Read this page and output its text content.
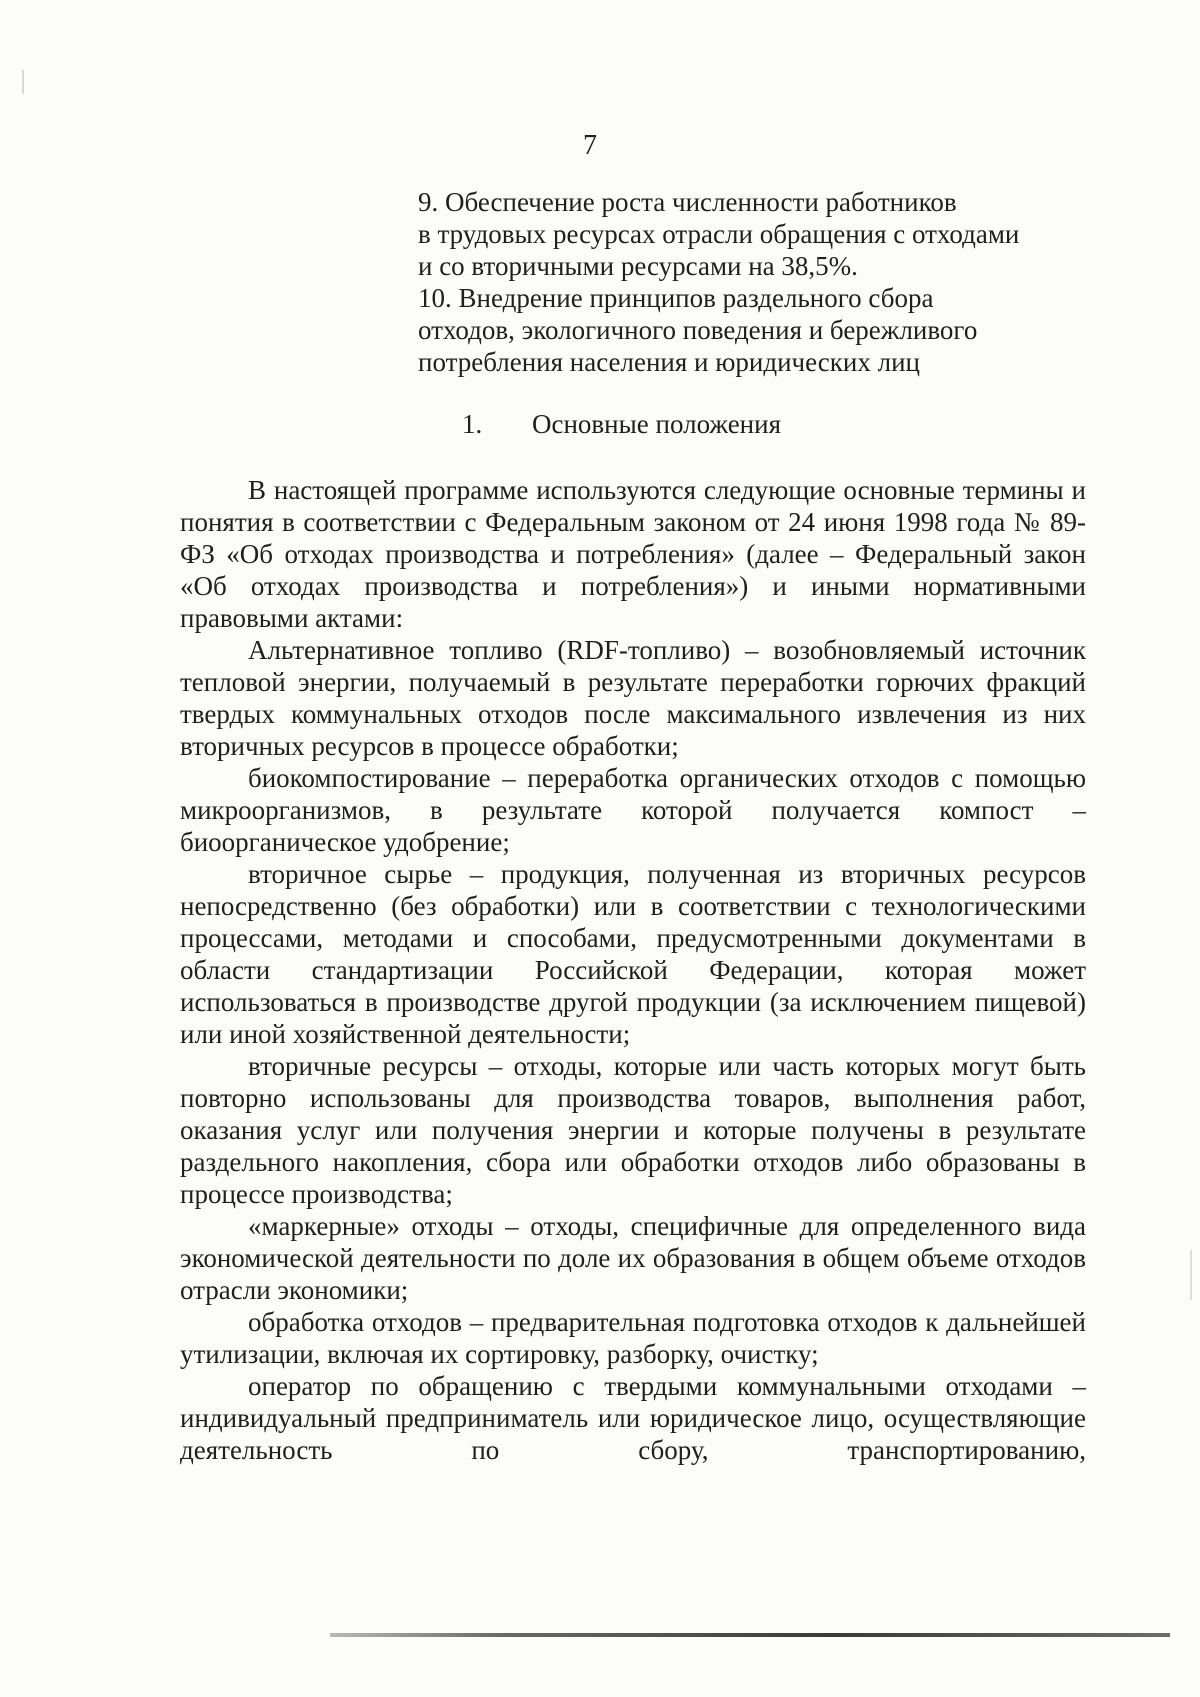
7

9. Обеспечение роста численности работников
в трудовых ресурсах отрасли обращения с отходами
и со вторичными ресурсами на 38,5%.

10. Внедрение принципов раздельного сбора
отходов, экологичного поведения и бережливого
потребления населения и юридических лиц

1.	Основные положения

В настоящей программе используются следующие основные термины и понятия в соответствии с Федеральным законом от 24 июня 1998 года № 89-ФЗ «Об отходах производства и потребления» (далее – Федеральный закон «Об отходах производства и потребления») и иными нормативными правовыми актами:

Альтернативное топливо (RDF-топливо) – возобновляемый источник тепловой энергии, получаемый в результате переработки горючих фракций твердых коммунальных отходов после максимального извлечения из них вторичных ресурсов в процессе обработки;

биокомпостирование – переработка органических отходов с помощью микроорганизмов, в результате которой получается компост – биоорганическое удобрение;

вторичное сырье – продукция, полученная из вторичных ресурсов непосредственно (без обработки) или в соответствии с технологическими процессами, методами и способами, предусмотренными документами в области стандартизации Российской Федерации, которая может использоваться в производстве другой продукции (за исключением пищевой) или иной хозяйственной деятельности;

вторичные ресурсы – отходы, которые или часть которых могут быть повторно использованы для производства товаров, выполнения работ, оказания услуг или получения энергии и которые получены в результате раздельного накопления, сбора или обработки отходов либо образованы в процессе производства;

«маркерные» отходы – отходы, специфичные для определенного вида экономической деятельности по доле их образования в общем объеме отходов отрасли экономики;

обработка отходов – предварительная подготовка отходов к дальнейшей утилизации, включая их сортировку, разборку, очистку;

оператор по обращению с твердыми коммунальными отходами – индивидуальный предприниматель или юридическое лицо, осуществляющие деятельность по сбору, транспортированию,
